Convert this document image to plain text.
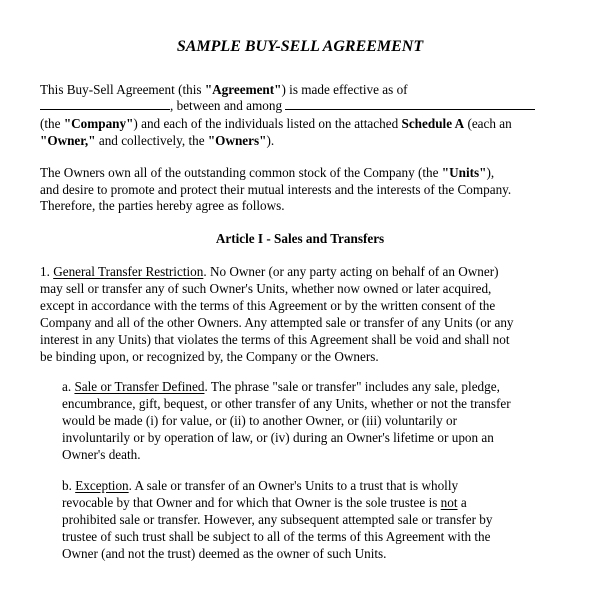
SAMPLE BUY-SELL AGREEMENT
This Buy-Sell Agreement (this "Agreement") is made effective as of
, between and among
(the "Company") and each of the individuals listed on the attached Schedule A (each an
"Owner," and collectively, the "Owners").
The Owners own all of the outstanding common stock of the Company (the "Units"),
and desire to promote and protect their mutual interests and the interests of the Company.
Therefore, the parties hereby agree as follows.
Article I - Sales and Transfers
1. General Transfer Restriction. No Owner (or any party acting on behalf of an Owner)
may sell or transfer any of such Owner's Units, whether now owned or later acquired,
except in accordance with the terms of this Agreement or by the written consent of the
Company and all of the other Owners. Any attempted sale or transfer of any Units (or any
interest in any Units) that violates the terms of this Agreement shall be void and shall not
be binding upon, or recognized by, the Company or the Owners.
a. Sale or Transfer Defined. The phrase "sale or transfer" includes any sale, pledge,
encumbrance, gift, bequest, or other transfer of any Units, whether or not the transfer
would be made (i) for value, or (ii) to another Owner, or (iii) voluntarily or
involuntarily or by operation of law, or (iv) during an Owner's lifetime or upon an
Owner's death.
b. Exception. A sale or transfer of an Owner's Units to a trust that is wholly
revocable by that Owner and for which that Owner is the sole trustee is not a
prohibited sale or transfer. However, any subsequent attempted sale or transfer by
trustee of such trust shall be subject to all of the terms of this Agreement with the
Owner (and not the trust) deemed as the owner of such Units.
